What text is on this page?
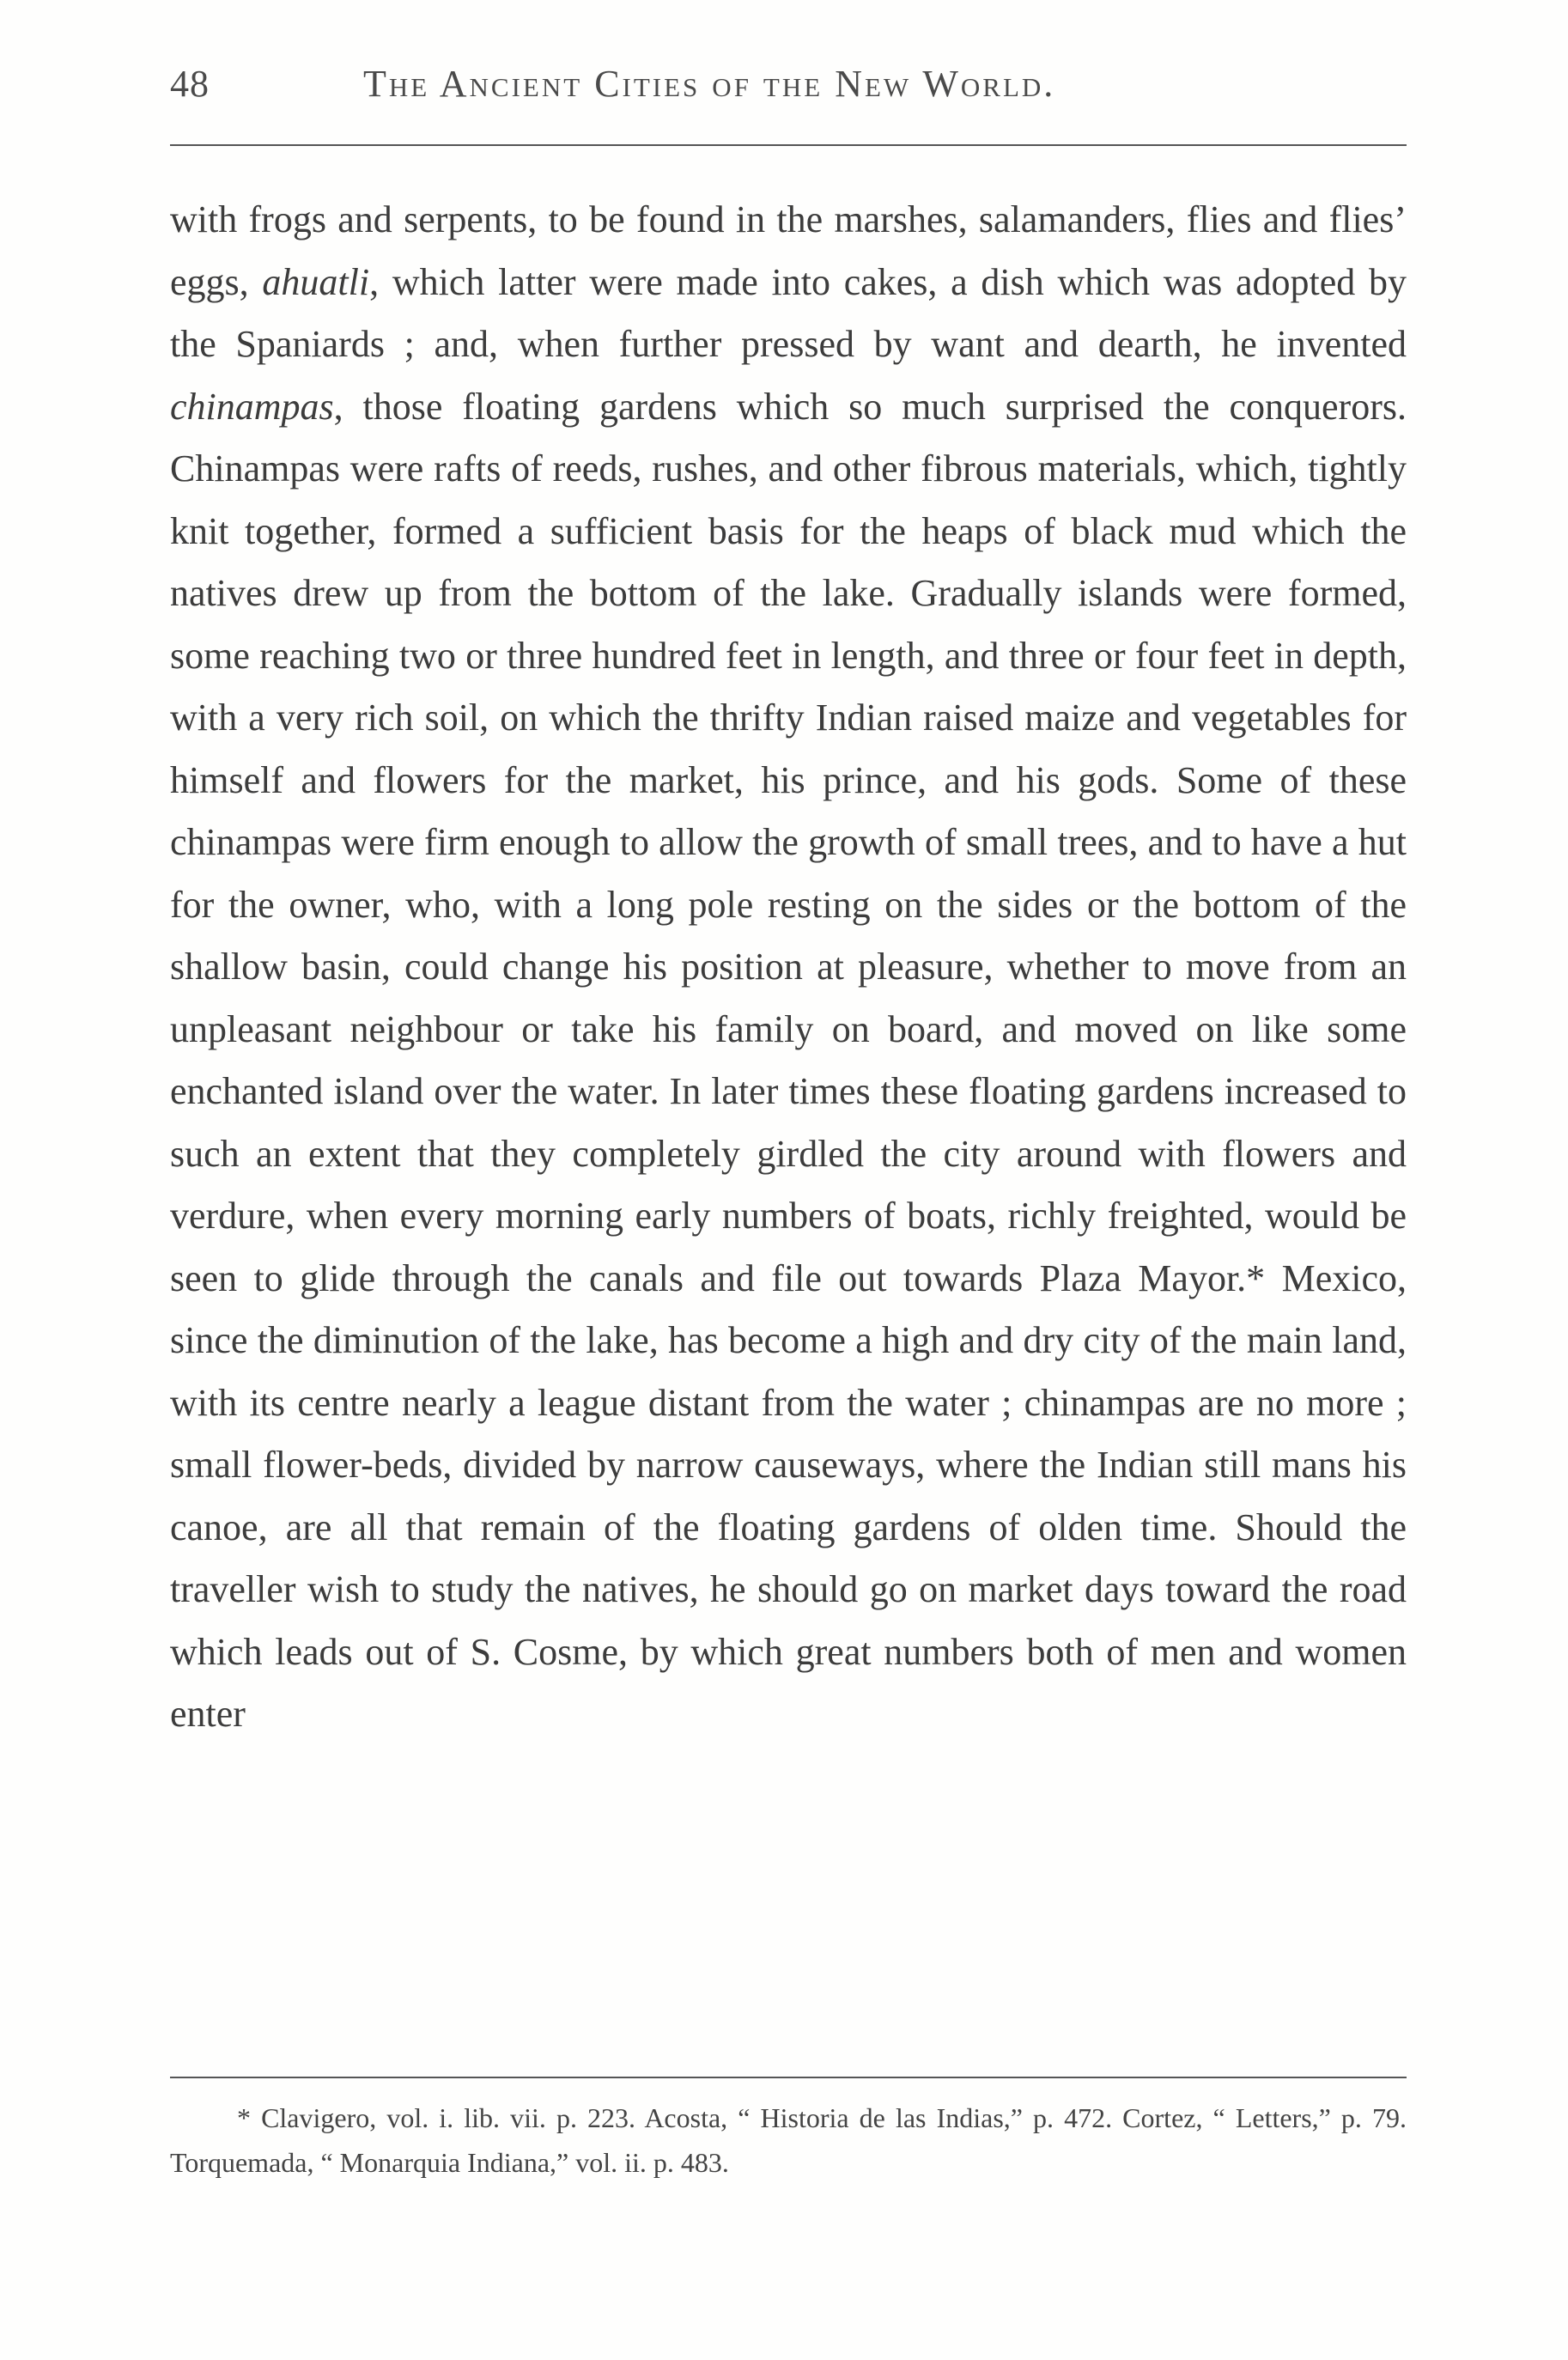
48	The Ancient Cities of the New World.

with frogs and serpents, to be found in the marshes, salamanders, flies and flies’ eggs, ahuatli, which latter were made into cakes, a dish which was adopted by the Spaniards ; and, when further pressed by want and dearth, he invented chinampas, those floating gardens which so much surprised the conquerors. Chinampas were rafts of reeds, rushes, and other fibrous materials, which, tightly knit together, formed a sufficient basis for the heaps of black mud which the natives drew up from the bottom of the lake. Gradually islands were formed, some reaching two or three hundred feet in length, and three or four feet in depth, with a very rich soil, on which the thrifty Indian raised maize and vegetables for himself and flowers for the market, his prince, and his gods. Some of these chinampas were firm enough to allow the growth of small trees, and to have a hut for the owner, who, with a long pole resting on the sides or the bottom of the shallow basin, could change his position at pleasure, whether to move from an unpleasant neighbour or take his family on board, and moved on like some enchanted island over the water. In later times these floating gardens increased to such an extent that they completely girdled the city around with flowers and verdure, when every morning early numbers of boats, richly freighted, would be seen to glide through the canals and file out towards Plaza Mayor.* Mexico, since the diminution of the lake, has become a high and dry city of the main land, with its centre nearly a league distant from the water ; chinampas are no more ; small flower-beds, divided by narrow causeways, where the Indian still mans his canoe, are all that remain of the floating gardens of olden time. Should the traveller wish to study the natives, he should go on market days toward the road which leads out of S. Cosme, by which great numbers both of men and women enter

* Clavigero, vol. i. lib. vii. p. 223. Acosta, “ Historia de las Indias,” p. 472. Cortez, “ Letters,” p. 79. Torquemada, “ Monarquia Indiana,” vol. ii. p. 483.
